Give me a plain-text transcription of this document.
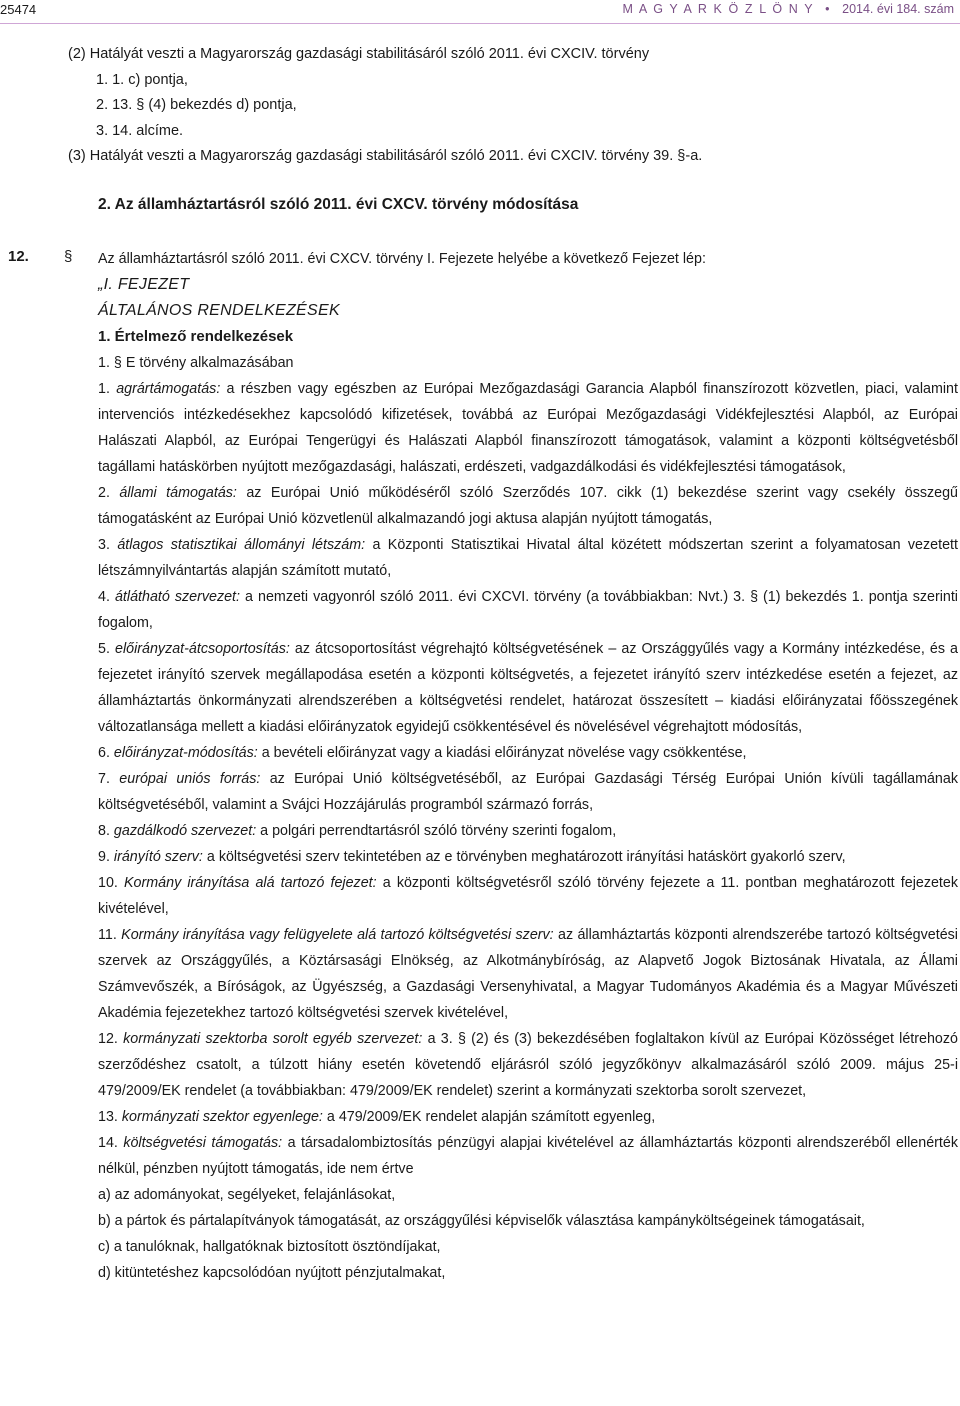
25474	M A G Y A R K Ö Z L Ö N Y • 2014. évi 184. szám
(2) Hatályát veszti a Magyarország gazdasági stabilitásáról szóló 2011. évi CXCIV. törvény
1. 1. c) pontja,
2. 13. § (4) bekezdés d) pontja,
3. 14. alcíme.
(3) Hatályát veszti a Magyarország gazdasági stabilitásáról szóló 2011. évi CXCIV. törvény 39. §-a.
2. Az államháztartásról szóló 2011. évi CXCV. törvény módosítása
12. § Az államháztartásról szóló 2011. évi CXCV. törvény I. Fejezete helyébe a következő Fejezet lép:
„I. FEJEZET
ÁLTALÁNOS RENDELKEZÉSEK
1. Értelmező rendelkezések
1. § E törvény alkalmazásában
1. agrártámogatás: a részben vagy egészben az Európai Mezőgazdasági Garancia Alapból finanszírozott közvetlen, piaci, valamint intervenciós intézkedésekhez kapcsolódó kifizetések, továbbá az Európai Mezőgazdasági Vidékfejlesztési Alapból, az Európai Halászati Alapból, az Európai Tengerügyi és Halászati Alapból finanszírozott támogatások, valamint a központi költségvetésből tagállami hatáskörben nyújtott mezőgazdasági, halászati, erdészeti, vadgazdálkodási és vidékfejlesztési támogatások,
2. állami támogatás: az Európai Unió működéséről szóló Szerződés 107. cikk (1) bekezdése szerint vagy csekély összegű támogatásként az Európai Unió közvetlenül alkalmazandó jogi aktusa alapján nyújtott támogatás,
3. átlagos statisztikai állományi létszám: a Központi Statisztikai Hivatal által közétett módszertan szerint a folyamatosan vezetett létszámnyilvántartás alapján számított mutató,
4. átlátható szervezet: a nemzeti vagyonról szóló 2011. évi CXCVI. törvény (a továbbiakban: Nvt.) 3. § (1) bekezdés 1. pontja szerinti fogalom,
5. előirányzat-átcsoportosítás: az átcsoportosítást végrehajtó költségvetésének – az Országgyűlés vagy a Kormány intézkedése, és a fejezetet irányító szervek megállapodása esetén a központi költségvetés, a fejezetet irányító szerv intézkedése esetén a fejezet, az államháztartás önkormányzati alrendszerében a költségvetési rendelet, határozat összesített – kiadási előirányzatai főösszegének változatlansága mellett a kiadási előirányzatok egyidejű csökkentésével és növelésével végrehajtott módosítás,
6. előirányzat-módosítás: a bevételi előirányzat vagy a kiadási előirányzat növelése vagy csökkentése,
7. európai uniós forrás: az Európai Unió költségvetéséből, az Európai Gazdasági Térség Európai Unión kívüli tagállamának költségvetéséből, valamint a Svájci Hozzájárulás programból származó forrás,
8. gazdálkodó szervezet: a polgári perrendtartásról szóló törvény szerinti fogalom,
9. irányító szerv: a költségvetési szerv tekintetében az e törvényben meghatározott irányítási hatáskört gyakorló szerv,
10. Kormány irányítása alá tartozó fejezet: a központi költségvetésről szóló törvény fejezete a 11. pontban meghatározott fejezetek kivételével,
11. Kormány irányítása vagy felügyelete alá tartozó költségvetési szerv: az államháztartás központi alrendszerébe tartozó költségvetési szervek az Országgyűlés, a Köztársasági Elnökség, az Alkotmánybíróság, az Alapvető Jogok Biztosának Hivatala, az Állami Számvevőszék, a Bíróságok, az Ügyészség, a Gazdasági Versenyhivatal, a Magyar Tudományos Akadémia és a Magyar Művészeti Akadémia fejezetekhez tartozó költségvetési szervek kivételével,
12. kormányzati szektorba sorolt egyéb szervezet: a 3. § (2) és (3) bekezdésében foglaltakon kívül az Európai Közösséget létrehozó szerződéshez csatolt, a túlzott hiány esetén követendő eljárásról szóló jegyzőkönyv alkalmazásáról szóló 2009. május 25-i 479/2009/EK rendelet (a továbbiakban: 479/2009/EK rendelet) szerint a kormányzati szektorba sorolt szervezet,
13. kormányzati szektor egyenlege: a 479/2009/EK rendelet alapján számított egyenleg,
14. költségvetési támogatás: a társadalombiztosítás pénzügyi alapjai kivételével az államháztartás központi alrendszeréből ellenérték nélkül, pénzben nyújtott támogatás, ide nem értve
a) az adományokat, segélyeket, felajánlásokat,
b) a pártok és pártalapítványok támogatását, az országgyűlési képviselők választása kampányköltségeinek támogatásait,
c) a tanulóknak, hallgatóknak biztosított ösztöndíjakat,
d) kitüntetéshez kapcsolódóan nyújtott pénzjutalmakat,
